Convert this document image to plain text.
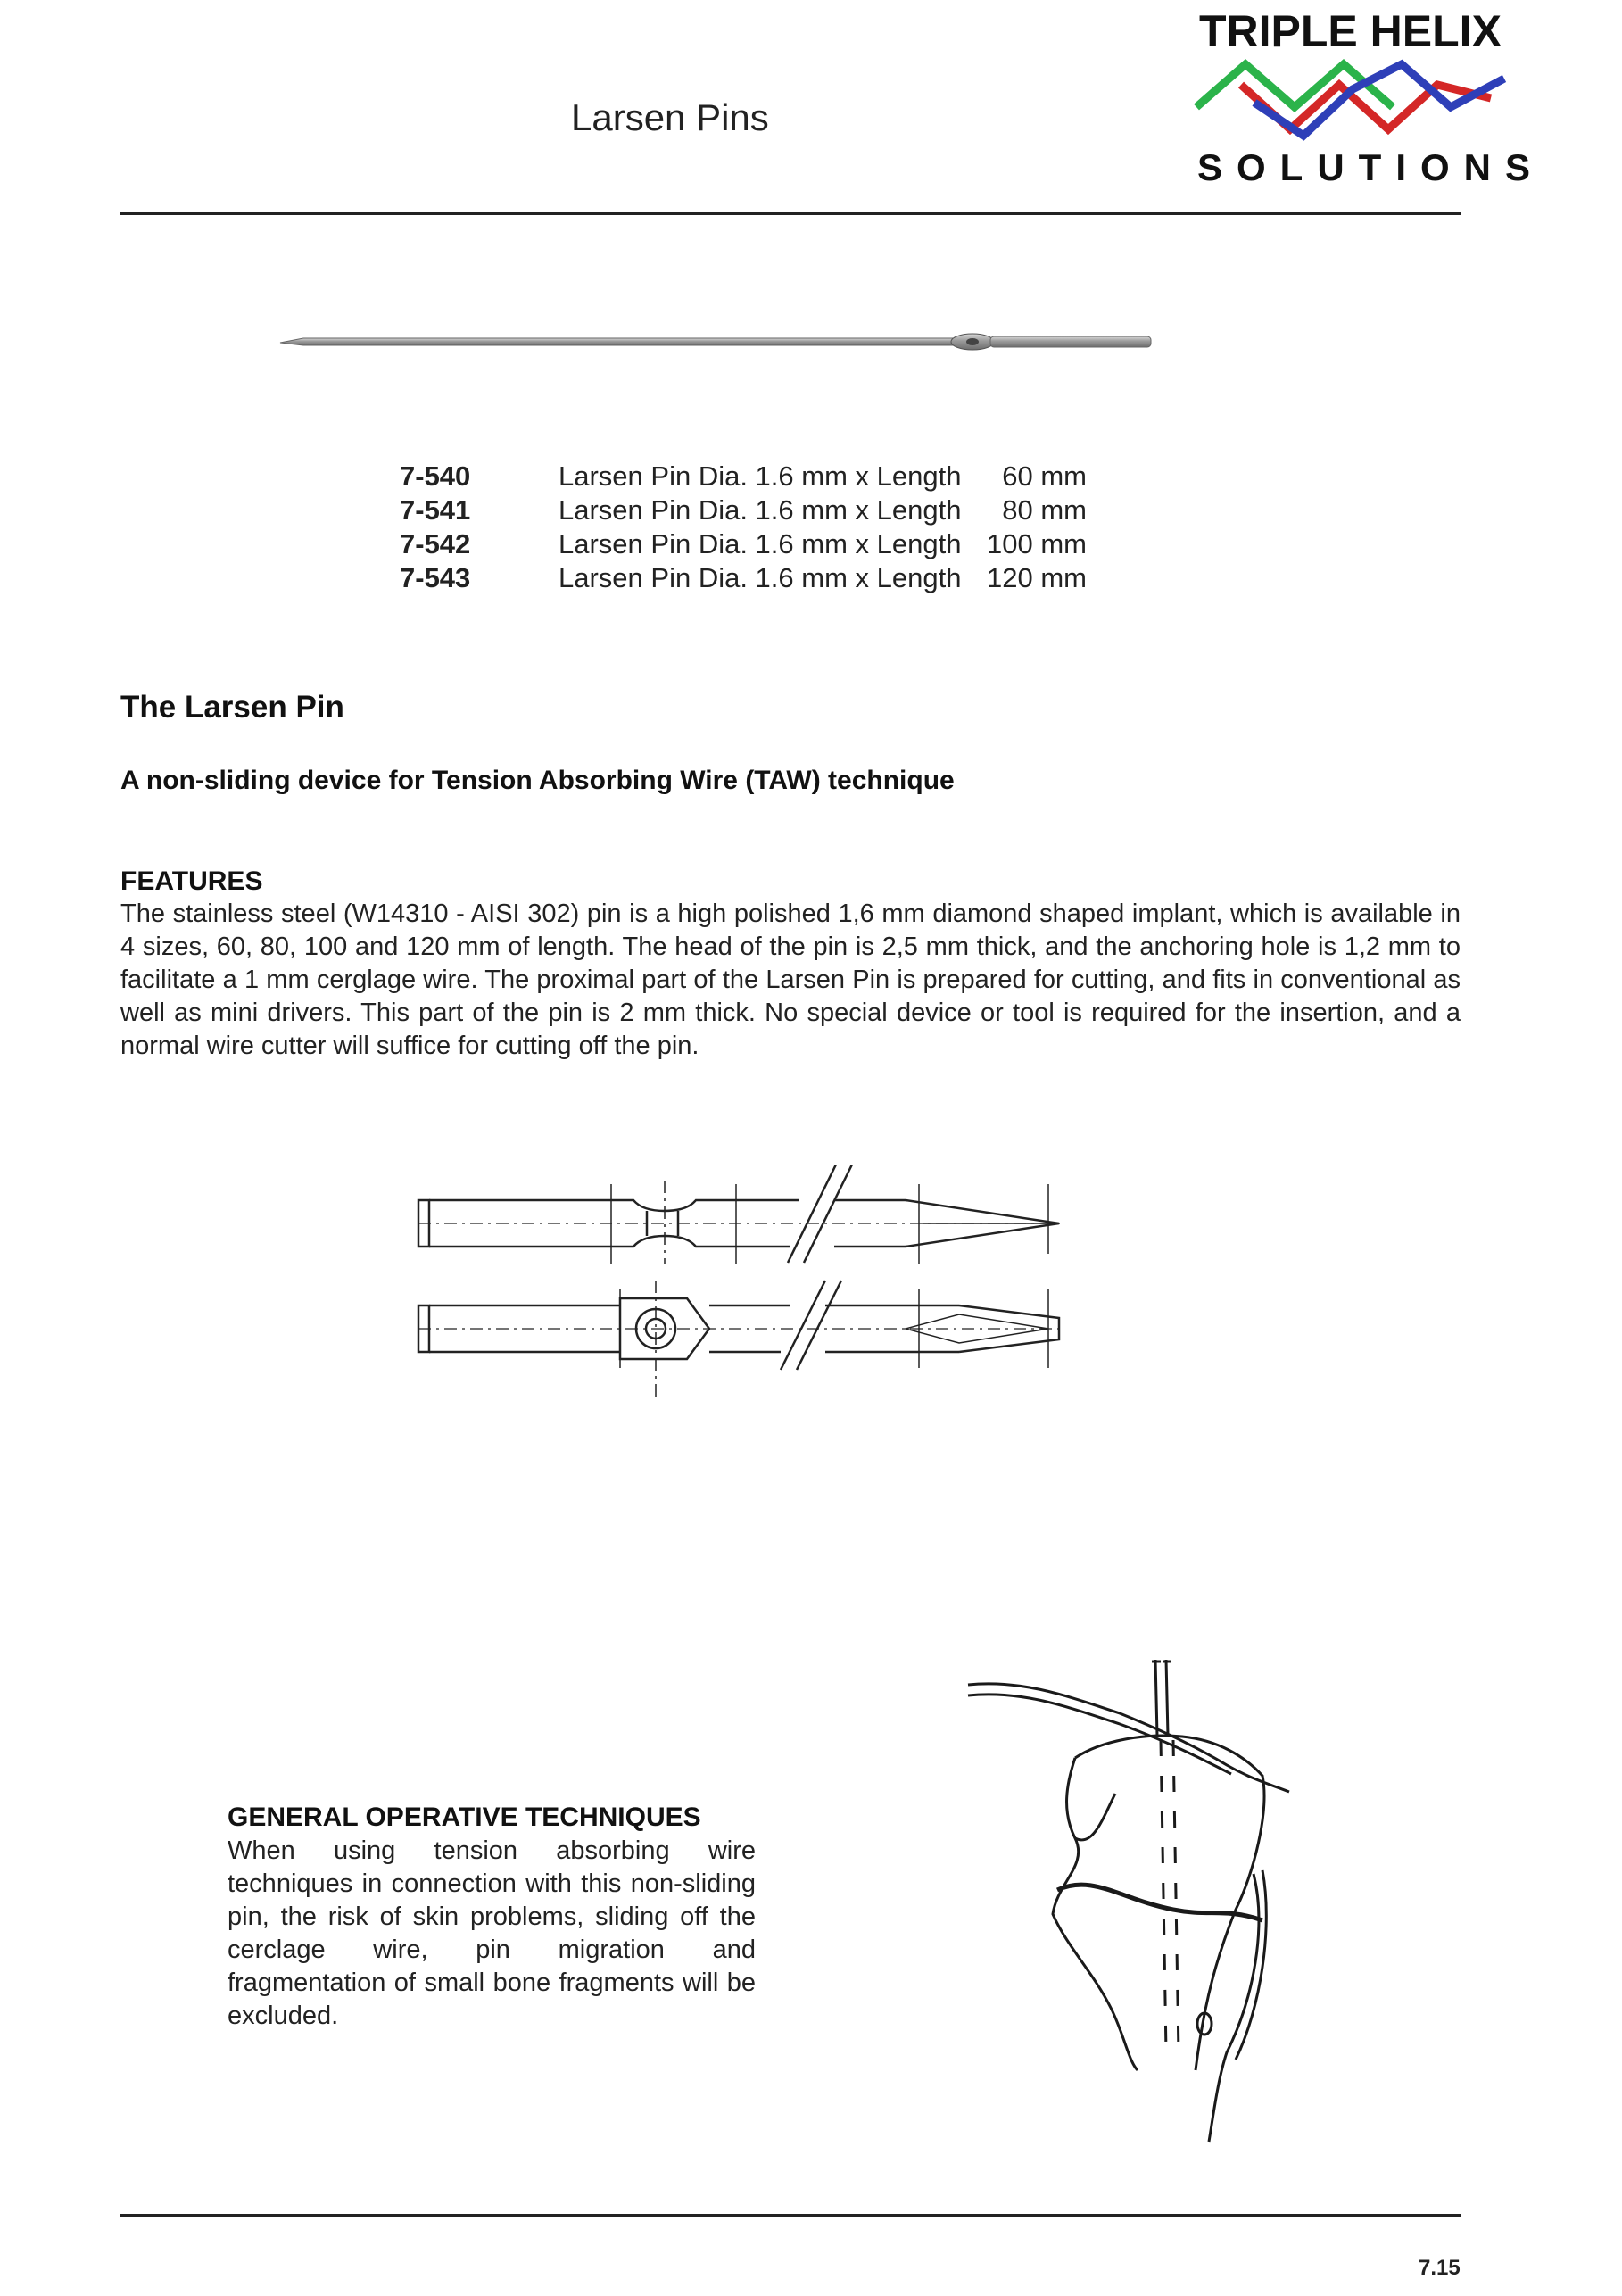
Larsen Pins
TRIPLE HELIX
SOLUTIONS
7-540	Larsen Pin Dia. 1.6 mm x Length	60 mm
7-541	Larsen Pin Dia. 1.6 mm x Length	80 mm
7-542	Larsen Pin Dia. 1.6 mm x Length	100 mm
7-543	Larsen Pin Dia. 1.6 mm x Length	120 mm
The Larsen Pin
A non-sliding device for Tension Absorbing Wire (TAW) technique
FEATURES
The stainless steel (W14310 - AISI 302) pin is a high polished 1,6 mm diamond shaped implant, which is available in 4 sizes, 60, 80, 100 and 120 mm of length. The head of the pin is 2,5 mm thick, and the anchoring hole is 1,2 mm to facilitate a 1 mm cerglage wire. The proximal part of the Larsen Pin is prepared for cutting, and fits in conventional as well as mini drivers. This part of the pin is 2 mm thick. No special device or tool is required for the insertion, and a normal wire cutter will suffice for cutting off the pin.
GENERAL OPERATIVE TECHNIQUES
When using tension absorbing wire techniques in connection with this non-sliding pin, the risk of skin problems, sliding off the cerclage wire, pin migration and fragmentation of small bone fragments will be excluded.
7.15
